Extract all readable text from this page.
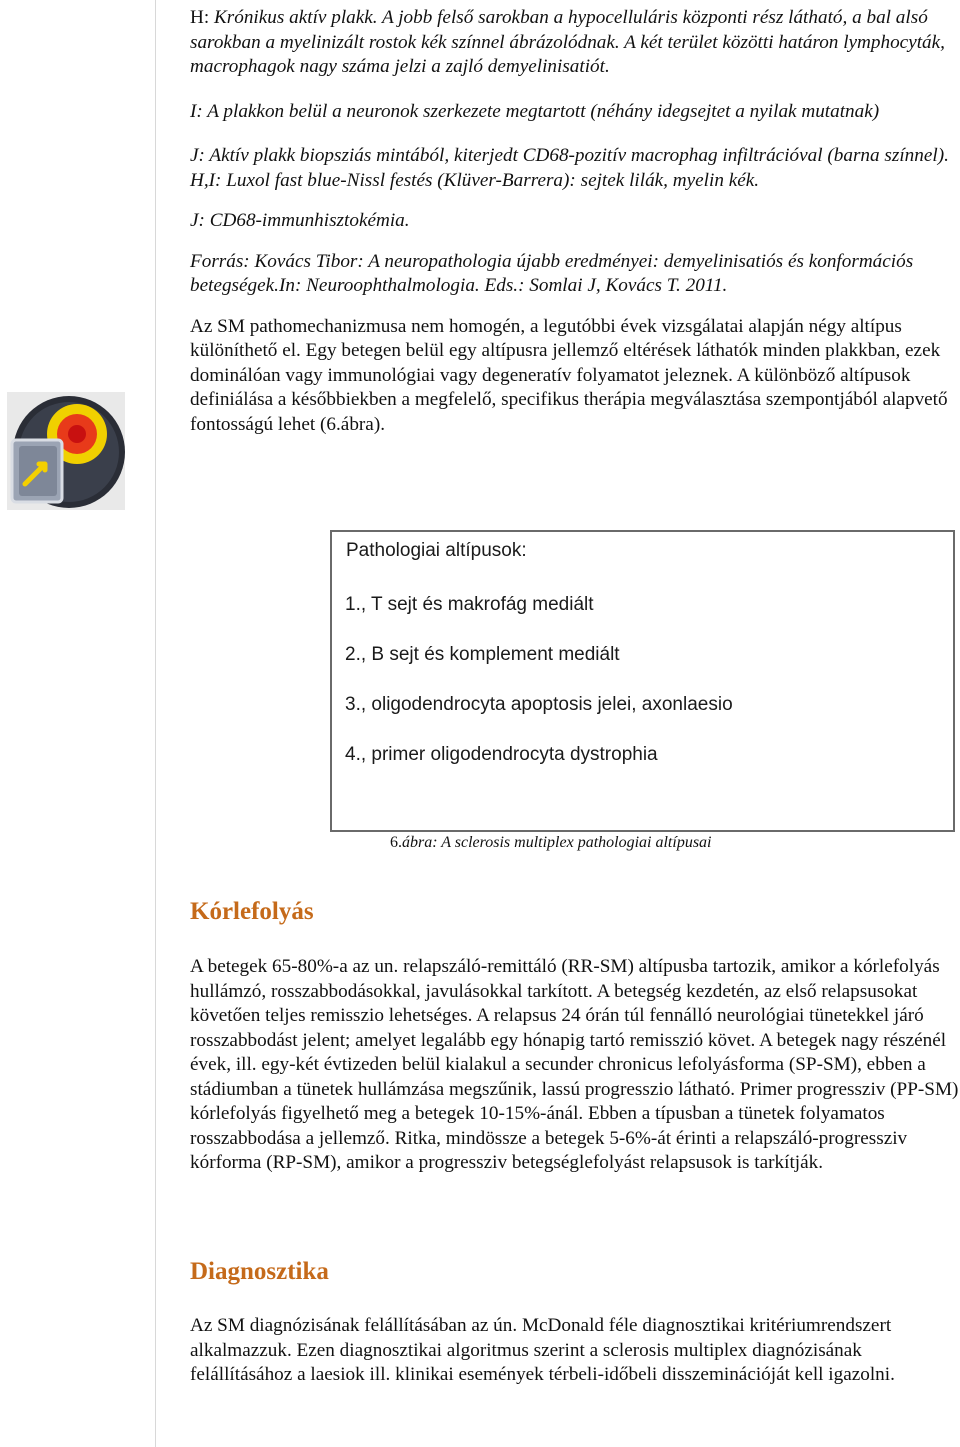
H: Krónikus aktív plakk. A jobb felső sarokban a hypocelluláris központi rész látható, a bal alsó sarokban a myelinizált rostok kék színnel ábrázolódnak. A két terület közötti határon lymphocyták, macrophagok nagy száma jelzi a zajló demyelinisatiót.

I: A plakkon belül a neuronok szerkezete megtartott (néhány idegsejtet a nyilak mutatnak)

J: Aktív plakk biopsziás mintából, kiterjedt CD68-pozitív macrophag infiltrációval (barna színnel). H,I: Luxol fast blue-Nissl festés (Klüver-Barrera): sejtek lilák, myelin kék.

J: CD68-immunhisztokémia.

Forrás: Kovács Tibor: A neuropathologia újabb eredményei: demyelinisatiós és konformációs betegségek.In: Neuroophthalmologia. Eds.: Somlai J, Kovács T. 2011.

Az SM pathomechanizmusa nem homogén, a legutóbbi évek vizsgálatai alapján négy altípus különíthető el. Egy betegen belül egy altípusra jellemző eltérések láthatók minden plakkban, ezek dominálóan vagy immunológiai vagy degeneratív folyamatot jeleznek. A különböző altípusok definiálása a későbbiekben a megfelelő, specifikus therápia megválasztása szempontjából alapvető fontosságú lehet (6.ábra).

Pathologiai altípusok:
1., T sejt és makrofág mediált
2., B sejt és komplement mediált
3., oligodendrocyta apoptosis jelei, axonlaesio
4., primer oligodendrocyta dystrophia
6.ábra: A sclerosis multiplex pathologiai altípusai
Kórlefolyás

A betegek 65-80%-a az un. relapszáló-remittáló (RR-SM) altípusba tartozik, amikor a kórlefolyás hullámzó, rosszabbodásokkal, javulásokkal tarkított. A betegség kezdetén, az első relapsusokat követően teljes remisszio lehetséges. A relapsus 24 órán túl fennálló neurológiai tünetekkel járó rosszabbodást jelent; amelyet legalább egy hónapig tartó remisszió követ. A betegek nagy részénél évek, ill. egy-két évtizeden belül kialakul a secunder chronicus lefolyásforma (SP-SM), ebben a stádiumban a tünetek hullámzása megszűnik, lassú progresszio látható. Primer progressziv (PP-SM) kórlefolyás figyelhető meg a betegek 10-15%-ánál. Ebben a típusban a tünetek folyamatos rosszabbodása a jellemző. Ritka, mindössze a betegek 5-6%-át érinti a relapszáló-progressziv kórforma (RP-SM), amikor a progressziv betegséglefolyást relapsusok is tarkítják.

Diagnosztika

Az SM diagnózisának felállításában az ún. McDonald féle diagnosztikai kritériumrendszert alkalmazzuk. Ezen diagnosztikai algoritmus szerint a sclerosis multiplex diagnózisának felállításához a laesiok ill. klinikai események térbeli-időbeli disszeminációját kell igazolni.
